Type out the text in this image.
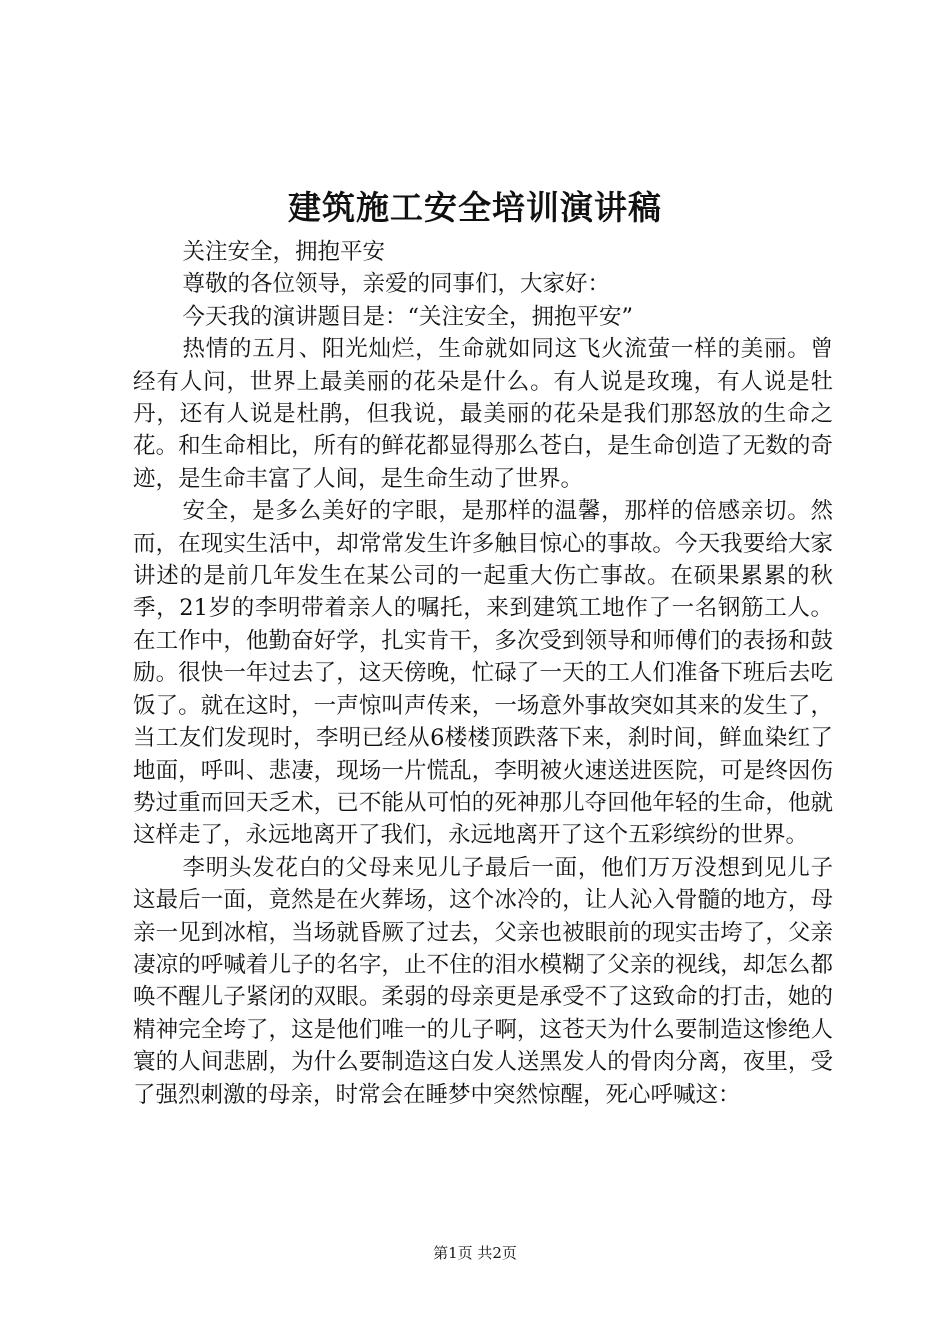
建筑施工安全培训演讲稿

关注安全，拥抱平安

尊敬的各位领导，亲爱的同事们，大家好：

今天我的演讲题目是：“关注安全，拥抱平安”

热情的五月、阳光灿烂，生命就如同这飞火流萤一样的美丽。曾经有人问，世界上最美丽的花朵是什么。有人说是玫瑰，有人说是牡丹，还有人说是杜鹃，但我说，最美丽的花朵是我们那怒放的生命之花。和生命相比，所有的鲜花都显得那么苍白，是生命创造了无数的奇迹，是生命丰富了人间，是生命生动了世界。

安全，是多么美好的字眼，是那样的温馨，那样的倍感亲切。然而，在现实生活中，却常常发生许多触目惊心的事故。今天我要给大家讲述的是前几年发生在某公司的一起重大伤亡事故。在硕果累累的秋季，21岁的李明带着亲人的嘱托，来到建筑工地作了一名钢筋工人。在工作中，他勤奋好学，扎实肯干，多次受到领导和师傅们的表扬和鼓励。很快一年过去了，这天傍晚，忙碌了一天的工人们准备下班后去吃饭了。就在这时，一声惊叫声传来，一场意外事故突如其来的发生了，当工友们发现时，李明已经从6楼楼顶跌落下来，刹时间，鲜血染红了地面，呼叫、悲凄，现场一片慌乱，李明被火速送进医院，可是终因伤势过重而回天乏术，已不能从可怕的死神那儿夺回他年轻的生命，他就这样走了，永远地离开了我们，永远地离开了这个五彩缤纷的世界。

李明头发花白的父母来见儿子最后一面，他们万万没想到见儿子这最后一面，竟然是在火葬场，这个冰冷的，让人沁入骨髓的地方，母亲一见到冰棺，当场就昏厥了过去，父亲也被眼前的现实击垮了，父亲凄凉的呼喊着儿子的名字，止不住的泪水模糊了父亲的视线，却怎么都唤不醒儿子紧闭的双眼。柔弱的母亲更是承受不了这致命的打击，她的精神完全垮了，这是他们唯一的儿子啊，这苍天为什么要制造这惨绝人寰的人间悲剧，为什么要制造这白发人送黑发人的骨肉分离，夜里，受了强烈刺激的母亲，时常会在睡梦中突然惊醒，死心呼喊这：

第1页 共2页
